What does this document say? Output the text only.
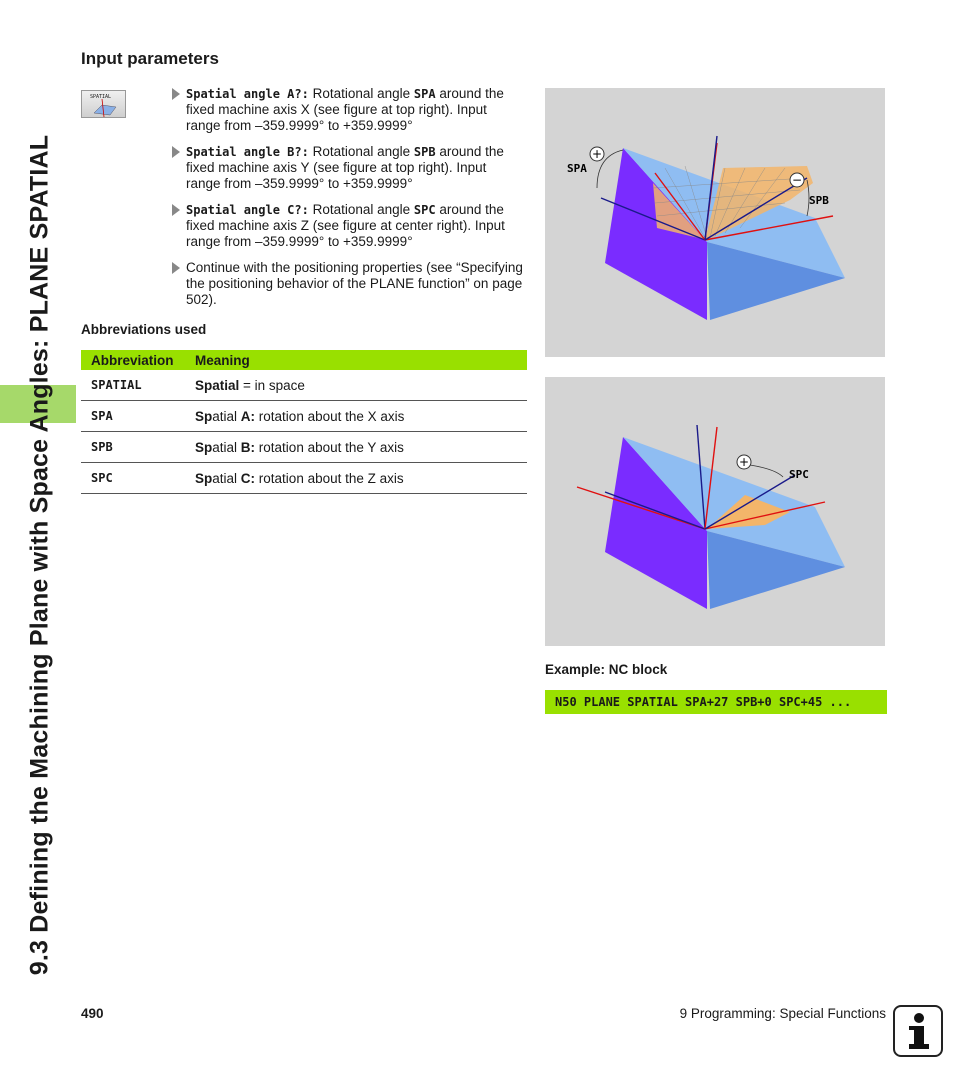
9.3 Defining the Machining Plane with Space Angles: PLANE SPATIAL
Input parameters
SPATIAL	Spatial angle A?: Rotational angle SPA around the fixed machine axis X (see figure at top right). Input range from –359.9999° to +359.9999°
Spatial angle B?: Rotational angle SPB around the fixed machine axis Y (see figure at top right). Input range from –359.9999° to +359.9999°
Spatial angle C?: Rotational angle SPC around the fixed machine axis Z (see figure at center right). Input range from –359.9999° to +359.9999°
Continue with the positioning properties (see “Specifying the positioning behavior of the PLANE function” on page 502).
Abbreviations used
Abbreviation	Meaning
SPATIAL	Spatial = in space
SPA	Spatial A: rotation about the X axis
SPB	Spatial B: rotation about the Y axis
SPC	Spatial C: rotation about the Z axis
+
−
SPA
SPB
+
SPC
Example: NC block
N50 PLANE SPATIAL SPA+27 SPB+0 SPC+45 ...
490	9 Programming: Special Functions
